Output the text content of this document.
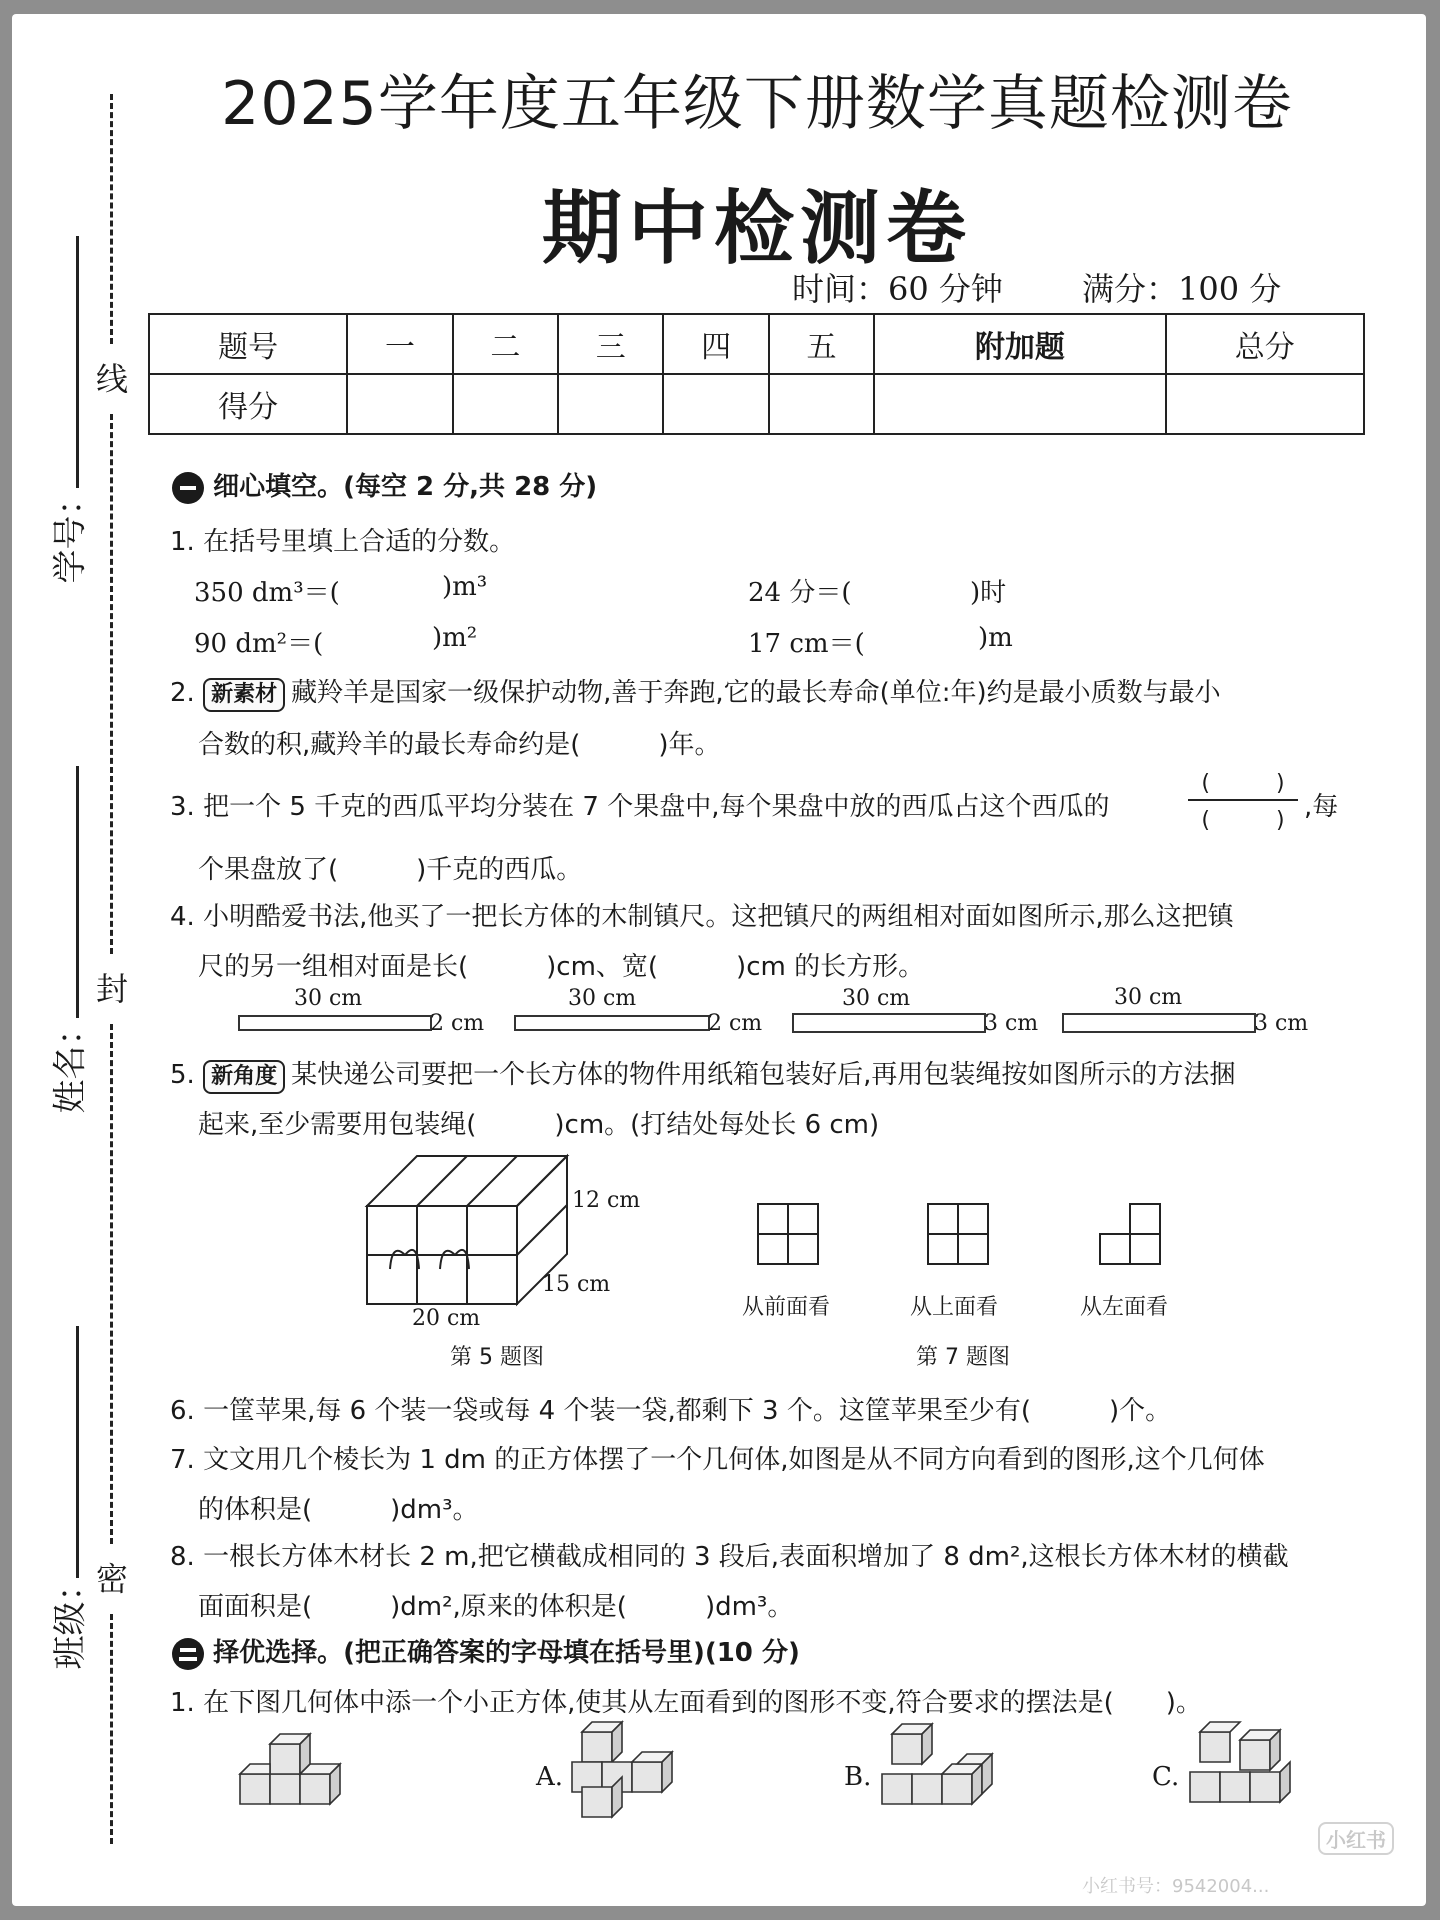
学号：
姓名：
班级：
线
封
密
2025学年度五年级下册数学真题检测卷
期中检测卷
时间：60 分钟 满分：100 分
题号	一	二	三	四	五	附加题	总分
得分							
细心填空。(每空 2 分,共 28 分)
1. 在括号里填上合适的分数。
350 dm³＝(	)m³	24 分＝(	)时
90 dm²＝(	)m²	17 cm＝(	)m
2. 新素材 藏羚羊是国家一级保护动物,善于奔跑,它的最长寿命(单位:年)约是最小质数与最小
合数的积,藏羚羊的最长寿命约是(　　　)年。
3. 把一个 5 千克的西瓜平均分装在 7 个果盘中,每个果盘中放的西瓜占这个西瓜的
(　　　)
(　　　) ,每
个果盘放了(　　　)千克的西瓜。
4. 小明酷爱书法,他买了一把长方体的木制镇尺。这把镇尺的两组相对面如图所示,那么这把镇
尺的另一组相对面是长(　　　)cm、宽(　　　)cm 的长方形。
30 cm
2 cm
30 cm
2 cm
30 cm
3 cm
30 cm
3 cm
5. 新角度 某快递公司要把一个长方体的物件用纸箱包装好后,再用包装绳按如图所示的方法捆
起来,至少需要用包装绳(　　　)cm。(打结处每处长 6 cm)
12 cm
15 cm
20 cm
第 5 题图
从前面看	从上面看	从左面看
第 7 题图
6. 一筐苹果,每 6 个装一袋或每 4 个装一袋,都剩下 3 个。这筐苹果至少有(　　　)个。
7. 文文用几个棱长为 1 dm 的正方体摆了一个几何体,如图是从不同方向看到的图形,这个几何体
的体积是(　　　)dm³。
8. 一根长方体木材长 2 m,把它横截成相同的 3 段后,表面积增加了 8 dm²,这根长方体木材的横截
面面积是(　　　)dm²,原来的体积是(　　　)dm³。
择优选择。(把正确答案的字母填在括号里)(10 分)
1. 在下图几何体中添一个小正方体,使其从左面看到的图形不变,符合要求的摆法是(　　)。
A.	B.	C.
小红书
小红书号：9542004...
